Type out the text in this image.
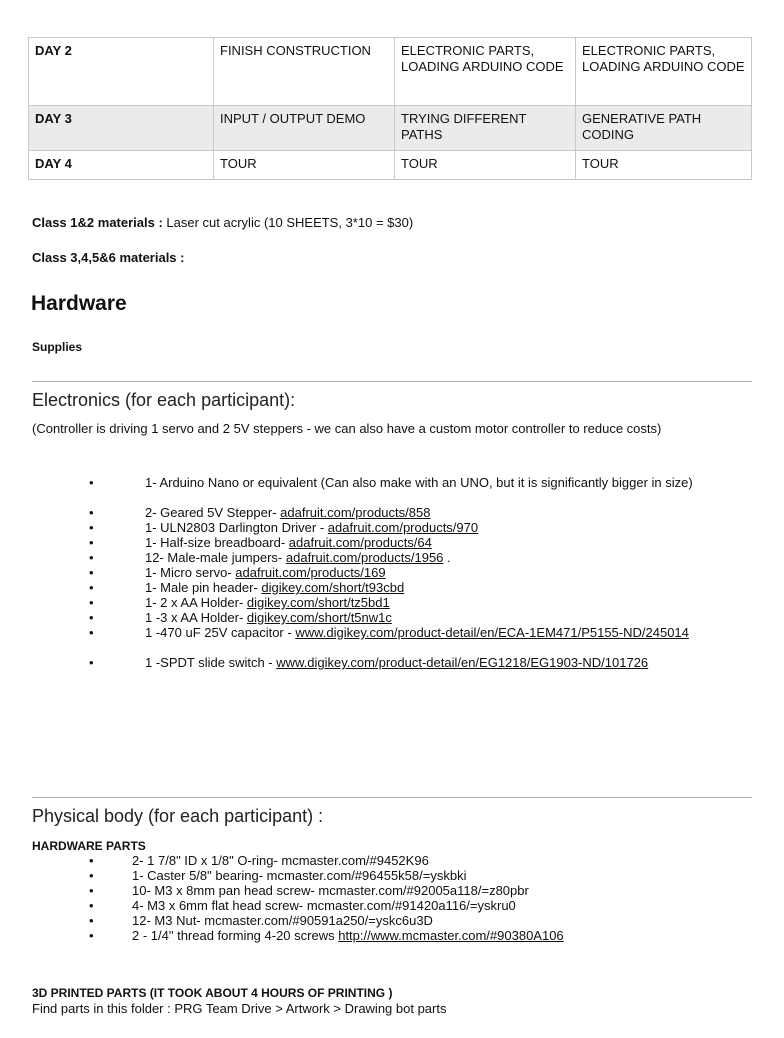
DAY 2	FINISH CONSTRUCTION	ELECTRONIC PARTS, LOADING ARDUINO CODE	ELECTRONIC PARTS, LOADING ARDUINO CODE
DAY 3	INPUT / OUTPUT DEMO	TRYING DIFFERENT PATHS	GENERATIVE PATH CODING
DAY 4	TOUR	TOUR	TOUR
Class 1&2 materials : Laser cut acrylic (10 SHEETS, 3*10 = $30)
Class 3,4,5&6 materials :
Hardware
Supplies
Electronics (for each participant):
(Controller is driving 1 servo and 2 5V steppers - we can also have a custom motor controller to reduce costs)
•	1- Arduino Nano or equivalent (Can also make with an UNO, but it is significantly bigger in size)
•	2- Geared 5V Stepper- adafruit.com/products/858
•	1- ULN2803 Darlington Driver - adafruit.com/products/970
•	1- Half-size breadboard- adafruit.com/products/64
•	12- Male-male jumpers- adafruit.com/products/1956 .
•	1- Micro servo- adafruit.com/products/169
•	1- Male pin header- digikey.com/short/t93cbd
•	1- 2 x AA Holder- digikey.com/short/tz5bd1
•	1 -3 x AA Holder- digikey.com/short/t5nw1c
•	1 -470 uF 25V capacitor - www.digikey.com/product-detail/en/ECA-1EM471/P5155-ND/245014
•	1 -SPDT slide switch - www.digikey.com/product-detail/en/EG1218/EG1903-ND/101726
Physical body (for each participant) :
HARDWARE PARTS
•	2- 1 7/8" ID x 1/8" O-ring- mcmaster.com/#9452K96
•	1- Caster 5/8" bearing- mcmaster.com/#96455k58/=yskbki
•	10- M3 x 8mm pan head screw- mcmaster.com/#92005a118/=z80pbr
•	4- M3 x 6mm flat head screw- mcmaster.com/#91420a116/=yskru0
•	12- M3 Nut- mcmaster.com/#90591a250/=yskc6u3D
•	2 - 1/4" thread forming 4-20 screws http://www.mcmaster.com/#90380A106
3D PRINTED PARTS (IT TOOK ABOUT 4 HOURS OF PRINTING )
Find parts in this folder : PRG Team Drive > Artwork > Drawing bot parts
